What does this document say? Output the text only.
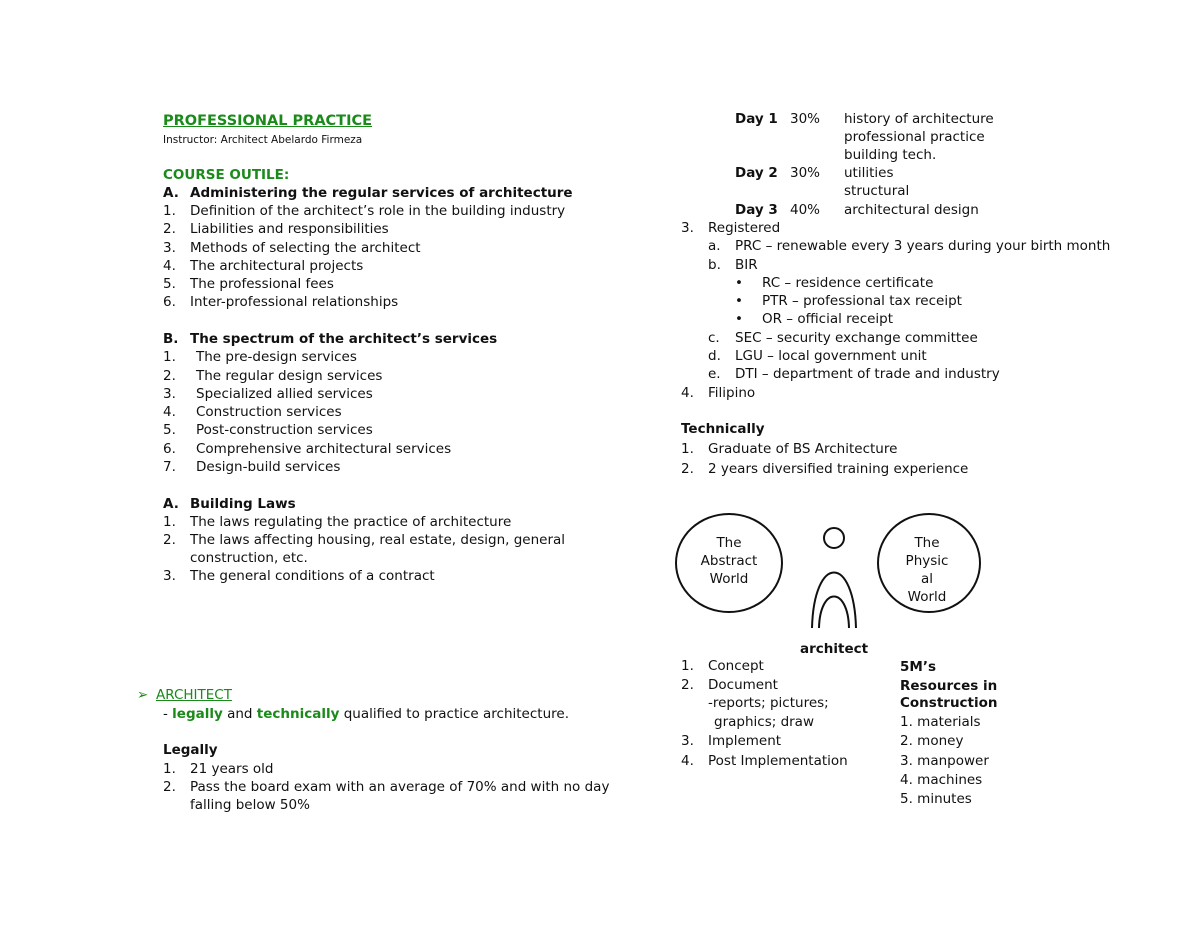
PROFESSIONAL PRACTICE
Instructor: Architect Abelardo Firmeza
COURSE OUTILE:
A. Administering the regular services of architecture
1. Definition of the architect’s role in the building industry
2. Liabilities and responsibilities
3. Methods of selecting the architect
4. The architectural projects
5. The professional fees
6. Inter-professional relationships
B. The spectrum of the architect’s services
1. The pre-design services
2. The regular design services
3. Specialized allied services
4. Construction services
5. Post-construction services
6. Comprehensive architectural services
7. Design-build services
A. Building Laws
1. The laws regulating the practice of architecture
2. The laws affecting housing, real estate, design, general
construction, etc.
3. The general conditions of a contract
➢ ARCHITECT
- legally and technically qualified to practice architecture.
Legally
1. 21 years old
2. Pass the board exam with an average of 70% and with no day
falling below 50%
Day 1 30% history of architecture
professional practice
building tech.
Day 2 30% utilities
structural
Day 3 40% architectural design
3. Registered
a. PRC – renewable every 3 years during your birth month
b. BIR
• RC – residence certificate
• PTR – professional tax receipt
• OR – official receipt
c. SEC – security exchange committee
d. LGU – local government unit
e. DTI – department of trade and industry
4. Filipino
Technically
1. Graduate of BS Architecture
2. 2 years diversified training experience
The
Abstract
World
The
Physic
al
World
architect
1. Concept
2. Document
-reports; pictures;
graphics; draw
3. Implement
4. Post Implementation
5M’s
Resources in
Construction
1. materials
2. money
3. manpower
4. machines
5. minutes
